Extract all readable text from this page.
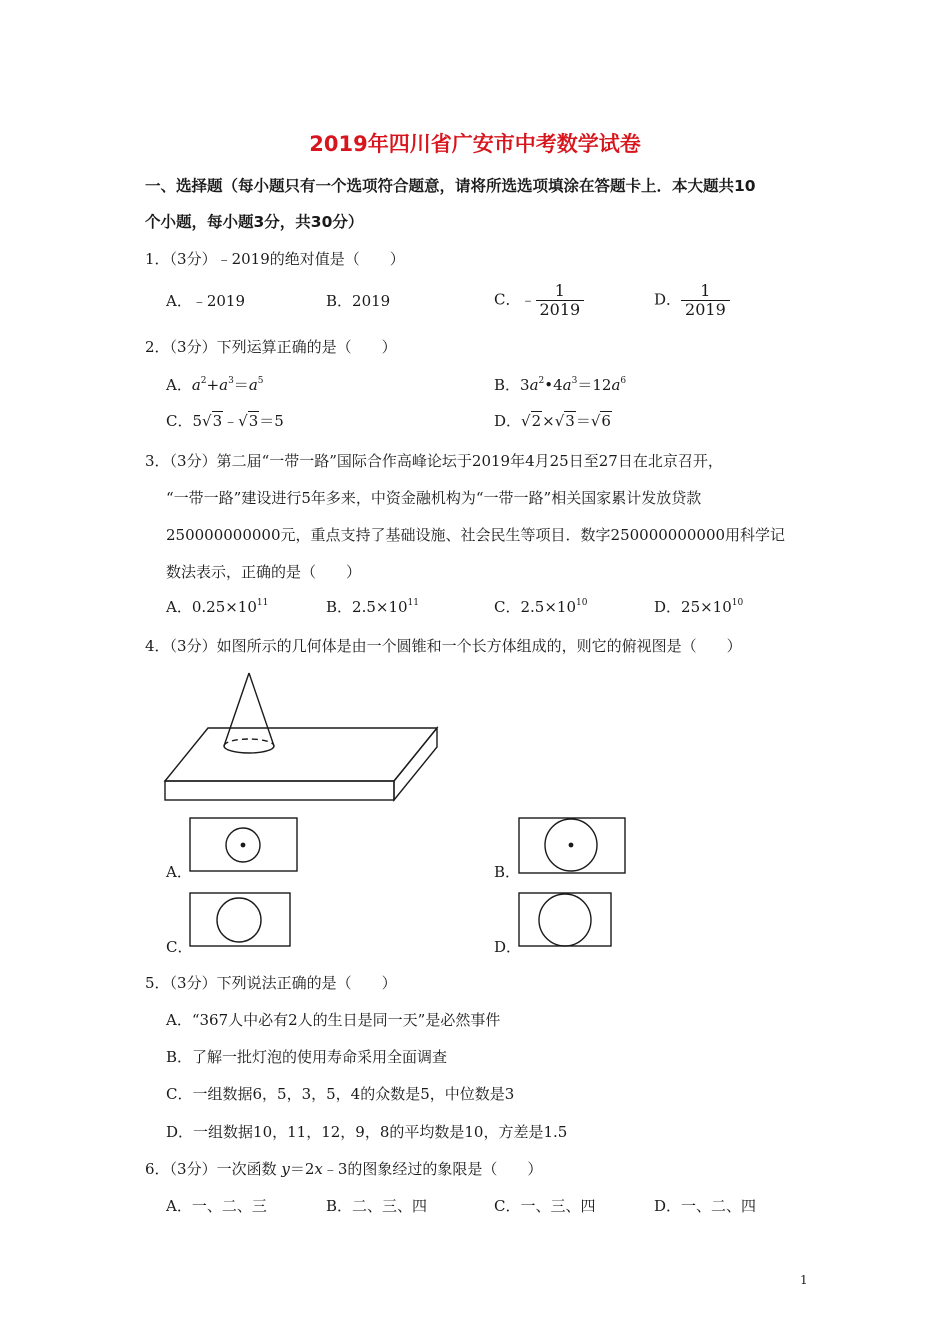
2019年四川省广安市中考数学试卷
一、选择题（每小题只有一个选项符合题意，请将所选选项填涂在答题卡上．本大题共10
个小题，每小题3分，共30分）
1．（3分）﹣2019的绝对值是（　　）
A．﹣2019	B．2019	C．﹣ $\frac{1}{2019}$	D． $\frac{1}{2019}$
2．（3分）下列运算正确的是（　　）
A．$a^2+a^3=a^5$	B．$3a^2•4a^3=12a^6$
C．5√3﹣√3＝5	D．√2×√3＝√6
3．（3分）第二届“一带一路”国际合作高峰论坛于2019年4月25日至27日在北京召开，
“一带一路”建设进行5年多来，中资金融机构为“一带一路”相关国家累计发放贷款
250000000000元，重点支持了基础设施、社会民生等项目．数字250000000000用科学记
数法表示，正确的是（　　）
A．$0.25\times 10^{11}$	B．$2.5\times 10^{11}$	C．$2.5\times 10^{10}$	D．$25\times 10^{10}$
4．（3分）如图所示的几何体是由一个圆锥和一个长方体组成的，则它的俯视图是（　　）
A．	B．
C．	D．
5．（3分）下列说法正确的是（　　）
A．“367人中必有2人的生日是同一天”是必然事件
B．了解一批灯泡的使用寿命采用全面调查
C．一组数据6，5，3，5，4的众数是5，中位数是3
D．一组数据10，11，12，9，8的平均数是10，方差是1.5
6．（3分）一次函数 y＝2x﹣3的图象经过的象限是（　　）
A．一、二、三	B．二、三、四	C．一、三、四	D．一、二、四
1
